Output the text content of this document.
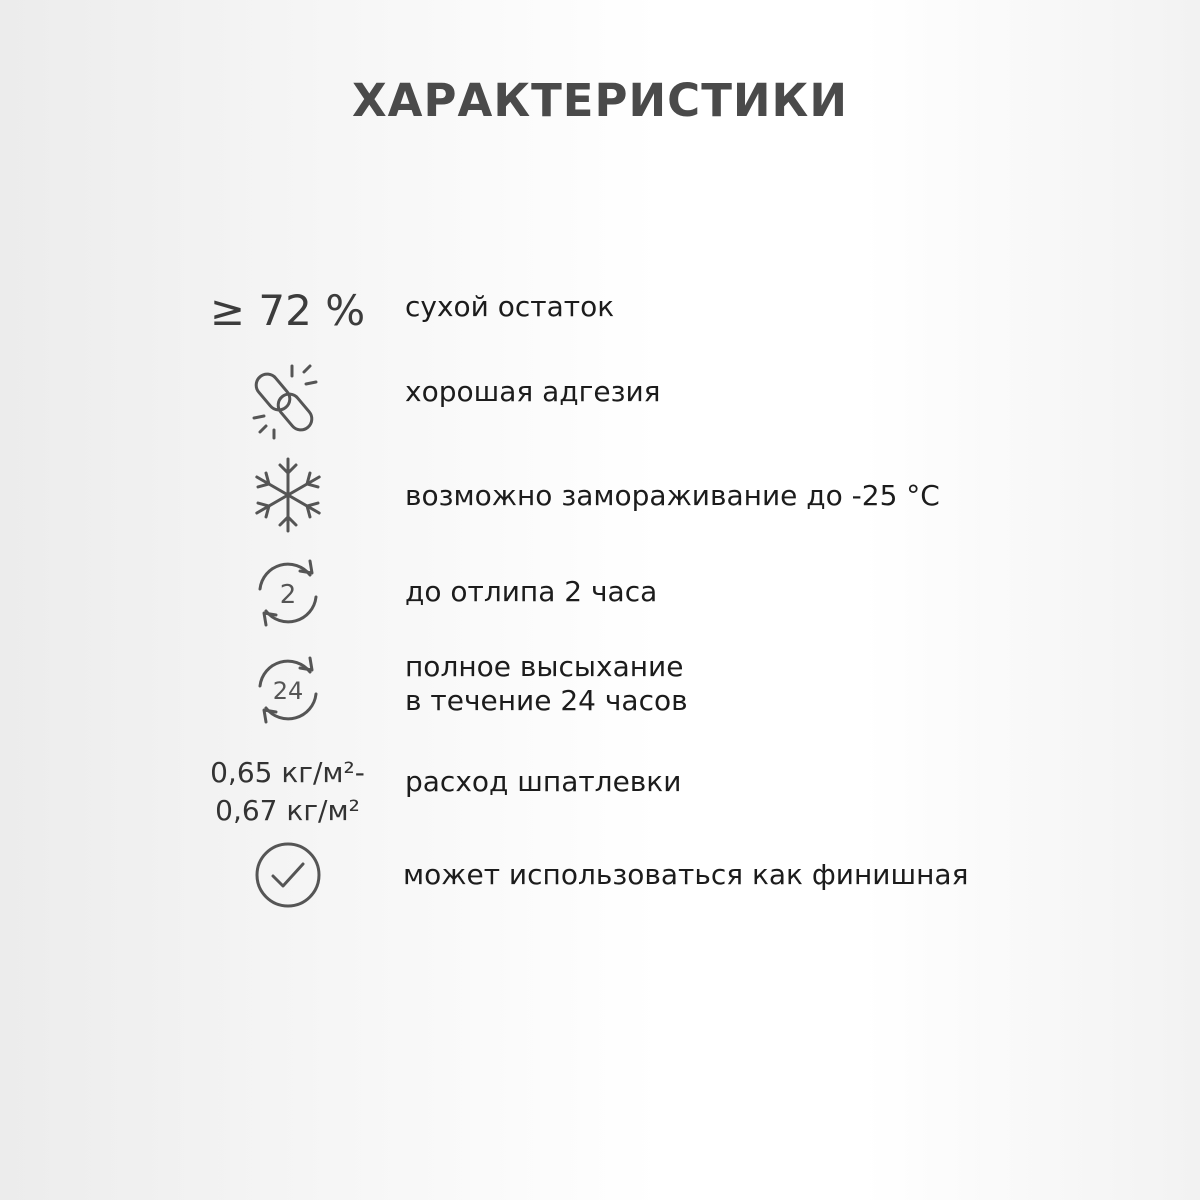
ХАРАКТЕРИСТИКИ
≥ 72 % сухой остаток
хорошая адгезия
возможно замораживание до -25 °C
2	до отлипа 2 часа
24
полное высыхание
в течение 24 часов
0,65 кг/м²-
0,67 кг/м²
расход шпатлевки
может использоваться как финишная
